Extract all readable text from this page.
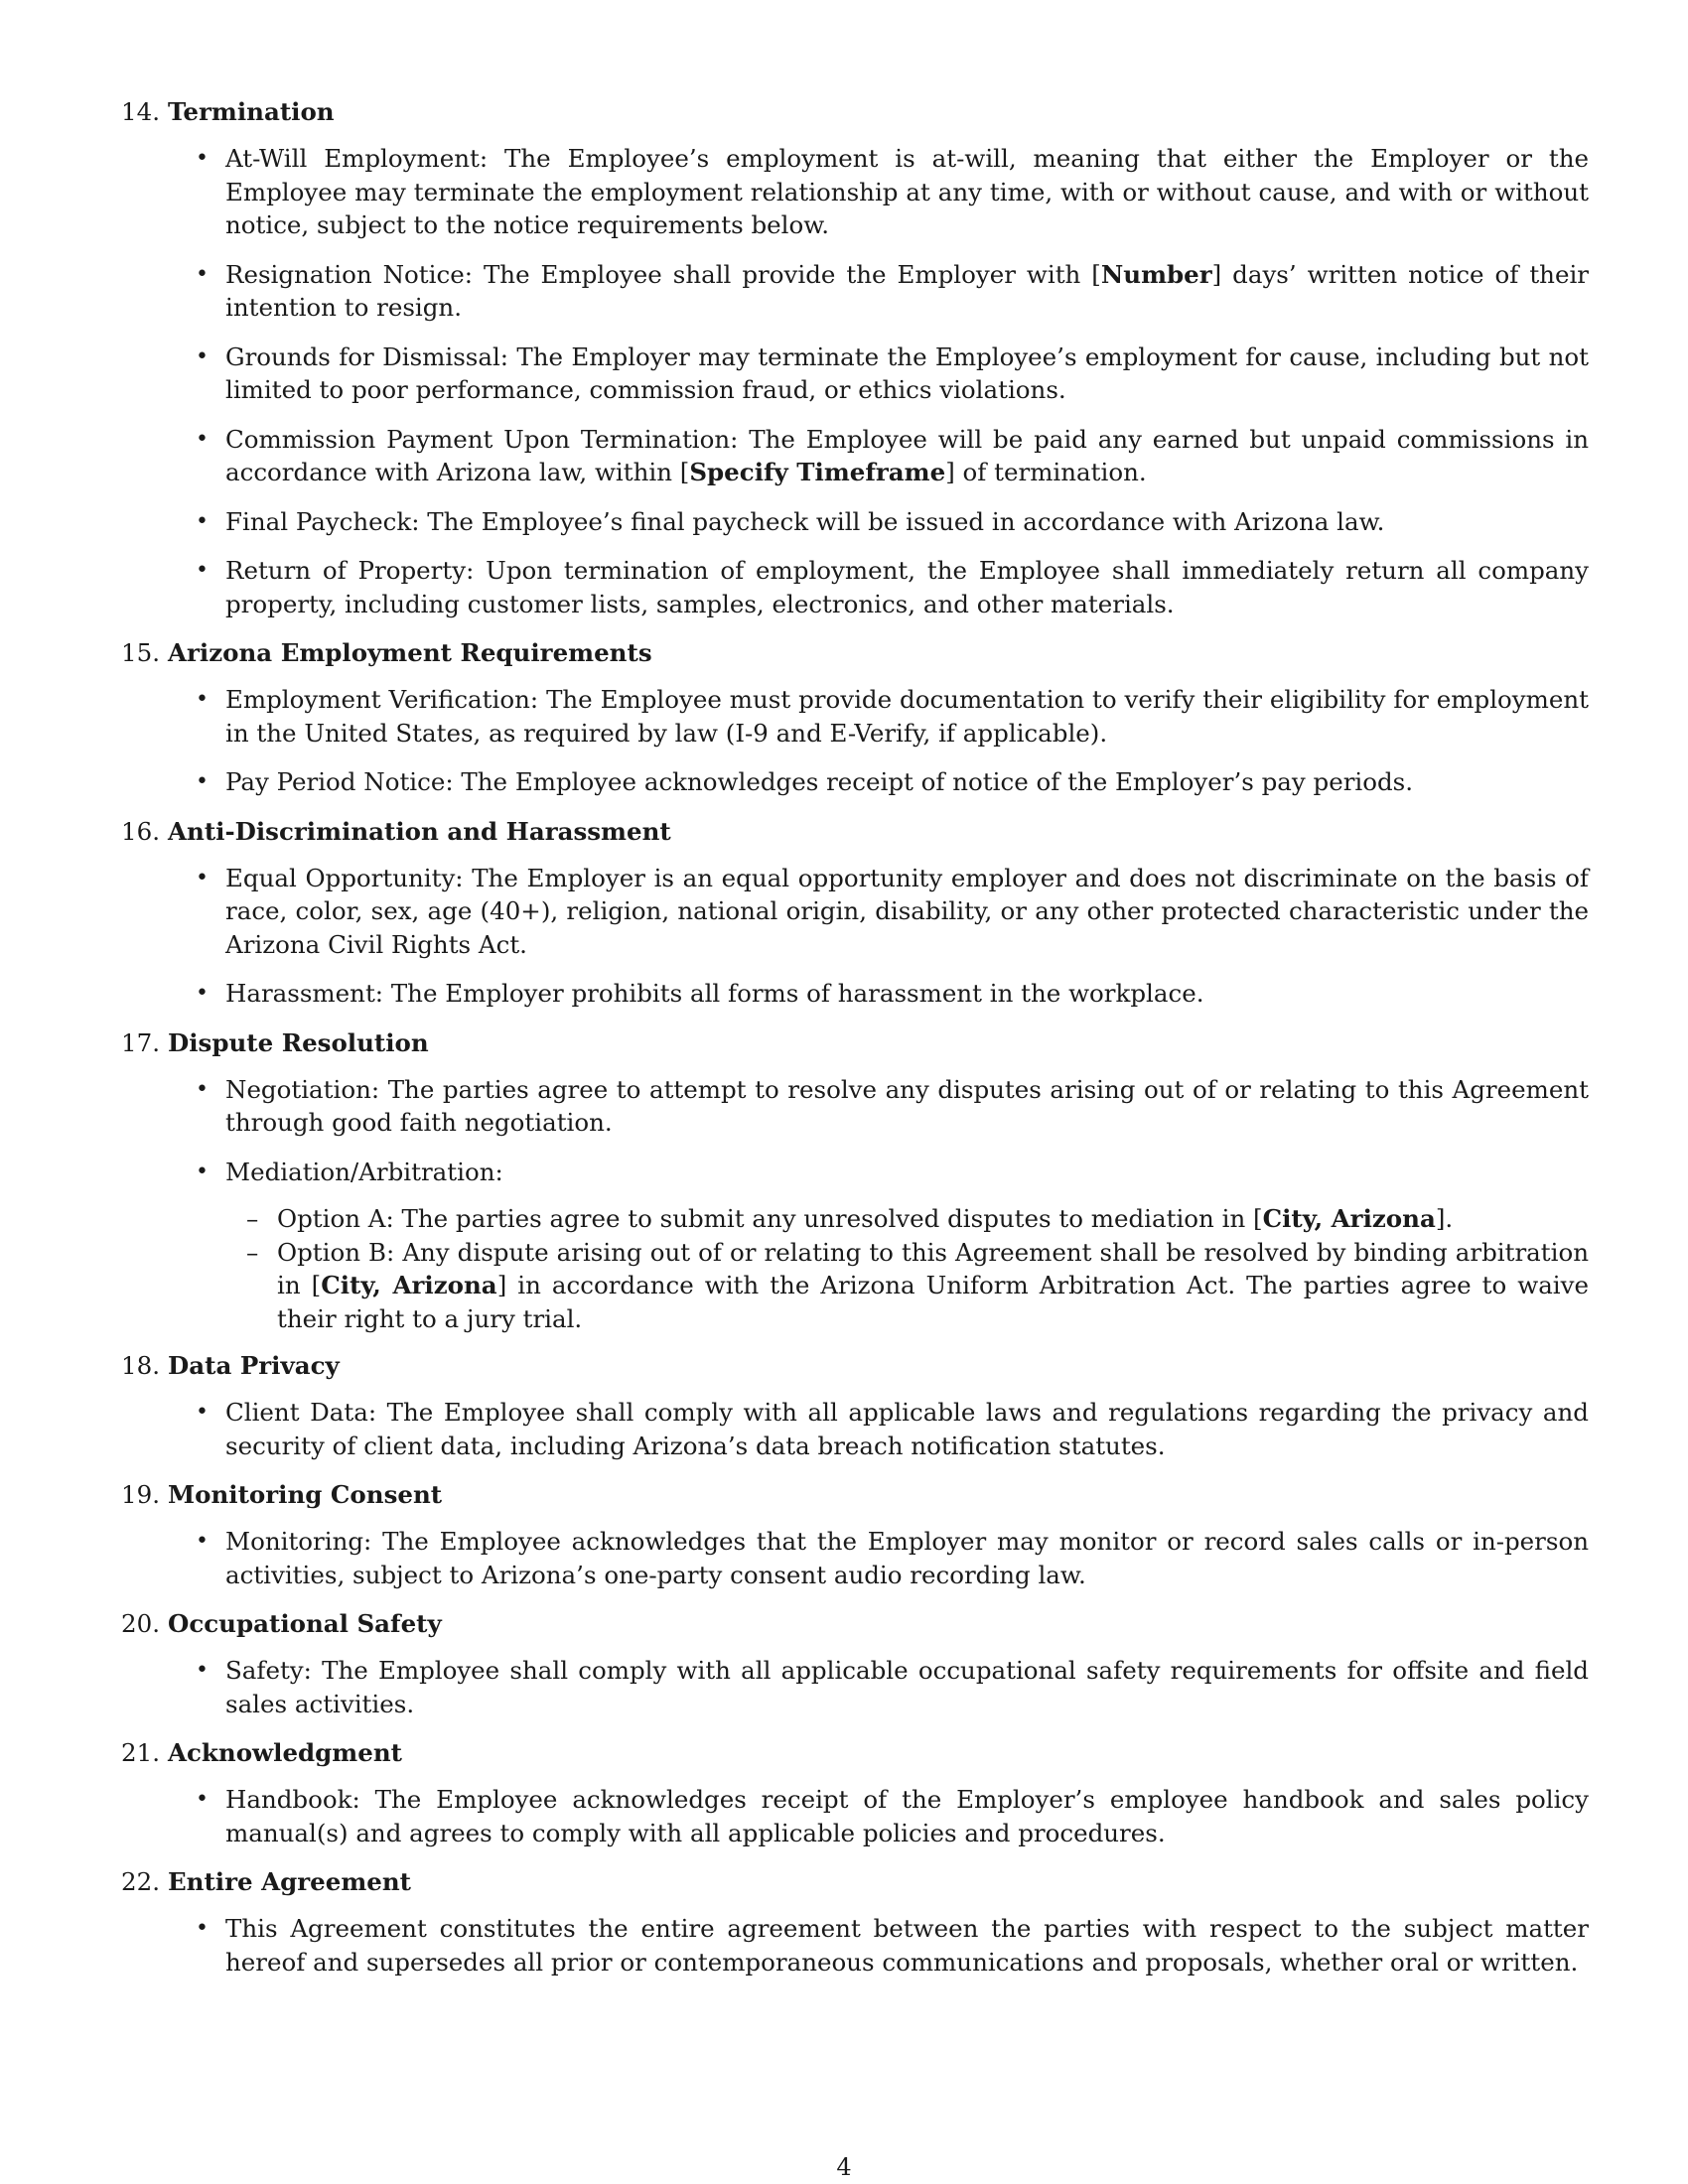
14. Termination
• At-Will Employment: The Employee’s employment is at-will, meaning that either the Employer or the Employee may terminate the employment relationship at any time, with or without cause, and with or without notice, subject to the notice requirements below.
• Resignation Notice: The Employee shall provide the Employer with [Number] days’ written notice of their intention to resign.
• Grounds for Dismissal: The Employer may terminate the Employee’s employment for cause, including but not limited to poor performance, commission fraud, or ethics violations.
• Commission Payment Upon Termination: The Employee will be paid any earned but unpaid commissions in accordance with Arizona law, within [Specify Timeframe] of termination.
• Final Paycheck: The Employee’s final paycheck will be issued in accordance with Arizona law.
• Return of Property: Upon termination of employment, the Employee shall immediately return all company property, including customer lists, samples, electronics, and other materials.
15. Arizona Employment Requirements
• Employment Verification: The Employee must provide documentation to verify their eligibility for employment in the United States, as required by law (I-9 and E-Verify, if applicable).
• Pay Period Notice: The Employee acknowledges receipt of notice of the Employer’s pay periods.
16. Anti-Discrimination and Harassment
• Equal Opportunity: The Employer is an equal opportunity employer and does not discriminate on the basis of race, color, sex, age (40+), religion, national origin, disability, or any other protected characteristic under the Arizona Civil Rights Act.
• Harassment: The Employer prohibits all forms of harassment in the workplace.
17. Dispute Resolution
• Negotiation: The parties agree to attempt to resolve any disputes arising out of or relating to this Agreement through good faith negotiation.
• Mediation/Arbitration:
– Option A: The parties agree to submit any unresolved disputes to mediation in [City, Arizona].
– Option B: Any dispute arising out of or relating to this Agreement shall be resolved by binding arbitration in [City, Arizona] in accordance with the Arizona Uniform Arbitration Act. The parties agree to waive their right to a jury trial.
18. Data Privacy
• Client Data: The Employee shall comply with all applicable laws and regulations regarding the privacy and security of client data, including Arizona’s data breach notification statutes.
19. Monitoring Consent
• Monitoring: The Employee acknowledges that the Employer may monitor or record sales calls or in-person activities, subject to Arizona’s one-party consent audio recording law.
20. Occupational Safety
• Safety: The Employee shall comply with all applicable occupational safety requirements for offsite and field sales activities.
21. Acknowledgment
• Handbook: The Employee acknowledges receipt of the Employer’s employee handbook and sales policy manual(s) and agrees to comply with all applicable policies and procedures.
22. Entire Agreement
• This Agreement constitutes the entire agreement between the parties with respect to the subject matter hereof and supersedes all prior or contemporaneous communications and proposals, whether oral or written.
4
